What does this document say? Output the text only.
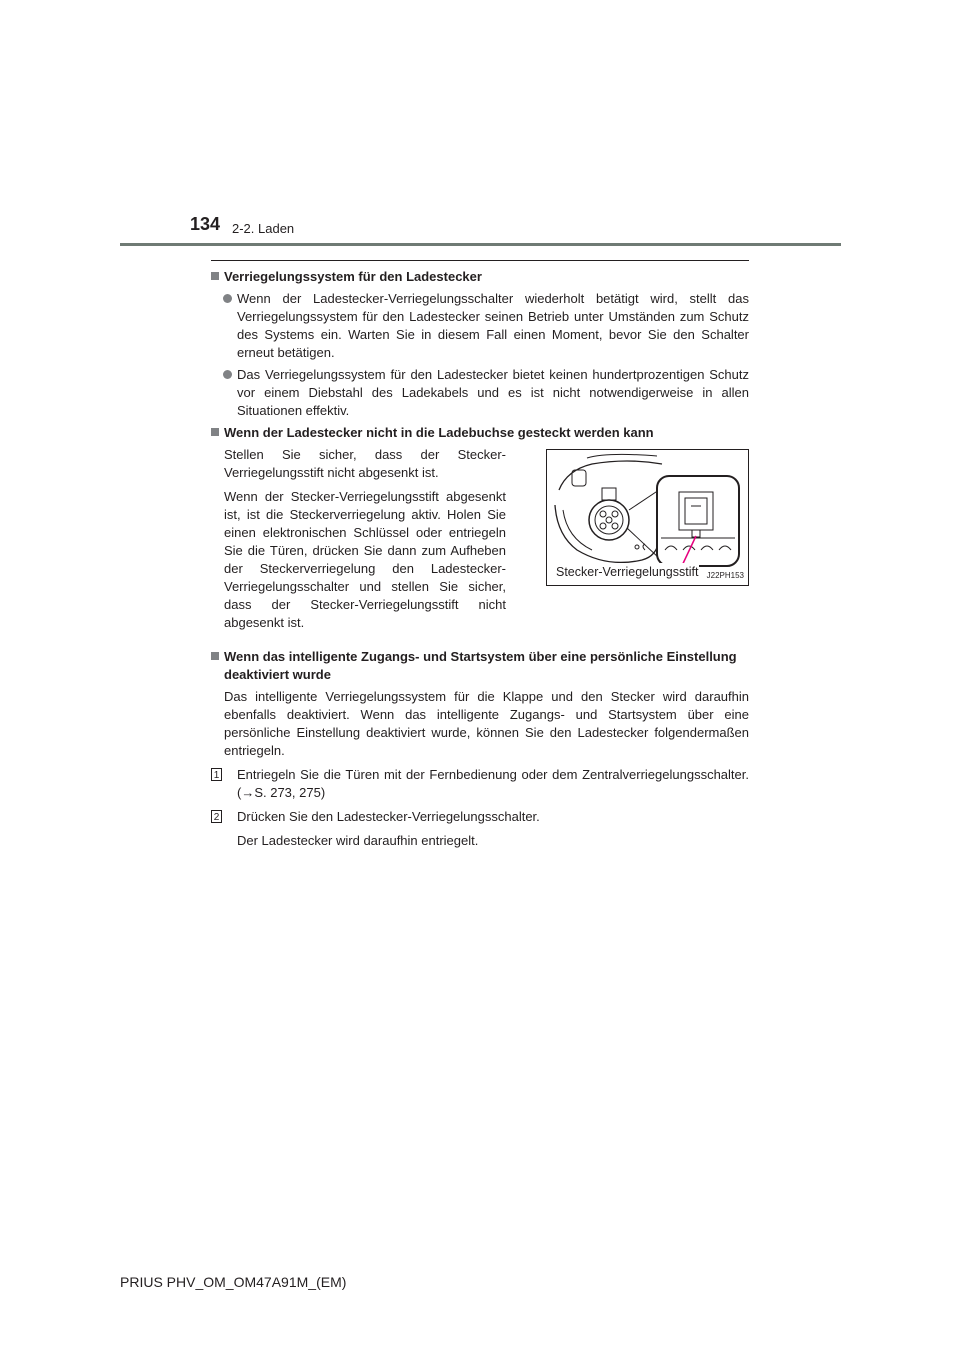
134 2-2. Laden
Verriegelungssystem für den Ladestecker
Wenn der Ladestecker-Verriegelungsschalter wiederholt betätigt wird, stellt das Verriegelungssystem für den Ladestecker seinen Betrieb unter Umständen zum Schutz des Systems ein. Warten Sie in diesem Fall einen Moment, bevor Sie den Schalter erneut betätigen.
Das Verriegelungssystem für den Ladestecker bietet keinen hundertprozentigen Schutz vor einem Diebstahl des Ladekabels und es ist nicht notwendigerweise in allen Situationen effektiv.
Wenn der Ladestecker nicht in die Ladebuchse gesteckt werden kann

Stellen Sie sicher, dass der Stecker-Verriegelungsstift nicht abgesenkt ist.

Wenn der Stecker-Verriegelungsstift abgesenkt ist, ist die Steckerverriegelung aktiv. Holen Sie einen elektronischen Schlüssel oder entriegeln Sie die Türen, drücken Sie dann zum Aufheben der Steckerverriegelung den Ladestecker-Verriegelungsschalter und stellen Sie sicher, dass der Stecker-Verriegelungsstift nicht abgesenkt ist.

Stecker-Verriegelungsstift J22PH153
Wenn das intelligente Zugangs- und Startsystem über eine persönliche Einstellung deaktiviert wurde
Das intelligente Verriegelungssystem für die Klappe und den Stecker wird daraufhin ebenfalls deaktiviert. Wenn das intelligente Zugangs- und Startsystem über eine persönliche Einstellung deaktiviert wurde, können Sie den Ladestecker folgendermaßen entriegeln.
1 Entriegeln Sie die Türen mit der Fernbedienung oder dem Zentralverriegelungsschalter. (→S. 273, 275)
2 Drücken Sie den Ladestecker-Verriegelungsschalter.
Der Ladestecker wird daraufhin entriegelt.
PRIUS PHV_OM_OM47A91M_(EM)
